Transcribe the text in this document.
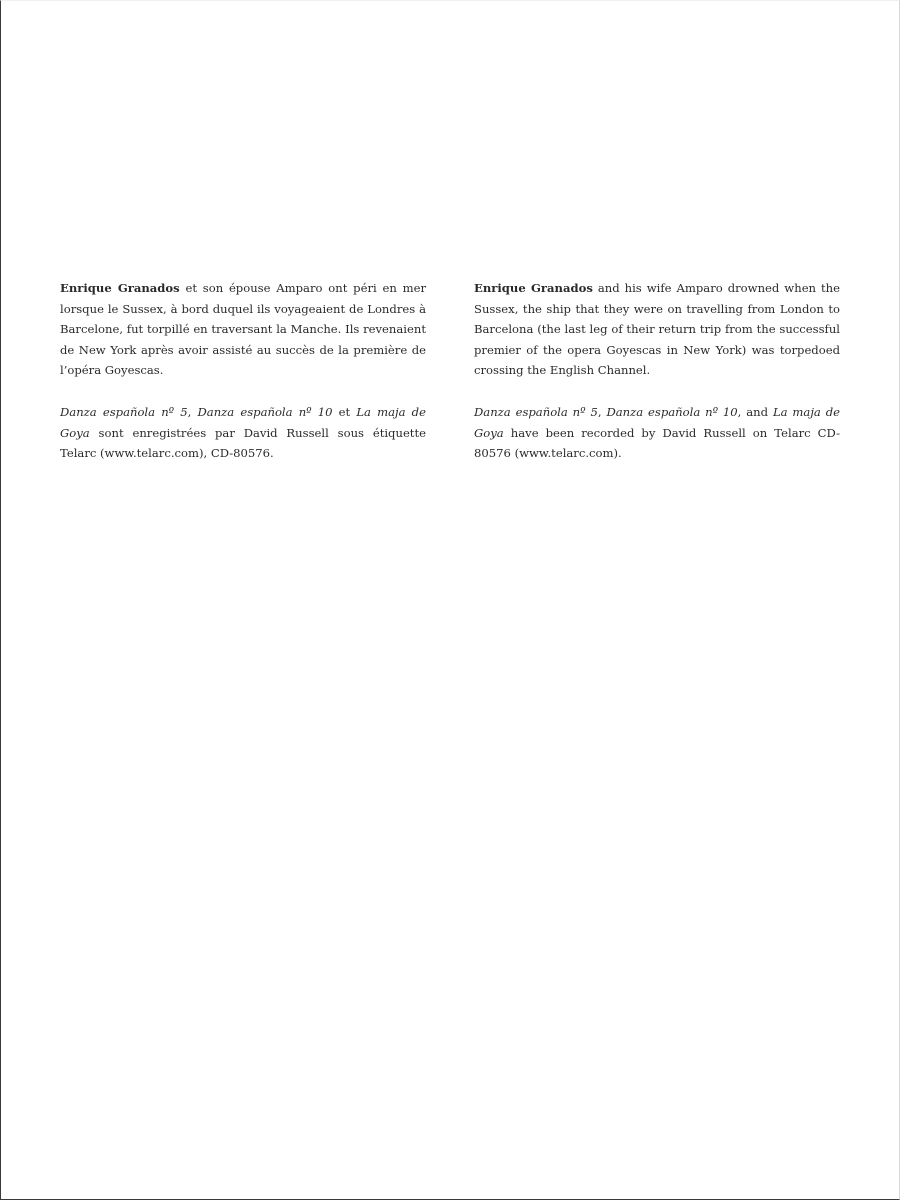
Enrique Granados et son épouse Amparo ont péri en mer lorsque le Sussex, à bord duquel ils voyageaient de Londres à Barcelone, fut torpillé en traversant la Manche. Ils revenaient de New York après avoir assisté au succès de la première de l’opéra Goyescas.

Danza española nº 5, Danza española nº 10 et La maja de Goya sont enregistrées par David Russell sous étiquette Telarc (www.telarc.com), CD-80576.

Enrique Granados and his wife Amparo drowned when the Sussex, the ship that they were on travelling from London to Barcelona (the last leg of their return trip from the successful premier of the opera Goyescas in New York) was torpedoed crossing the English Channel.

Danza española nº 5, Danza española nº 10, and La maja de Goya have been recorded by David Russell on Telarc CD-80576 (www.telarc.com).
